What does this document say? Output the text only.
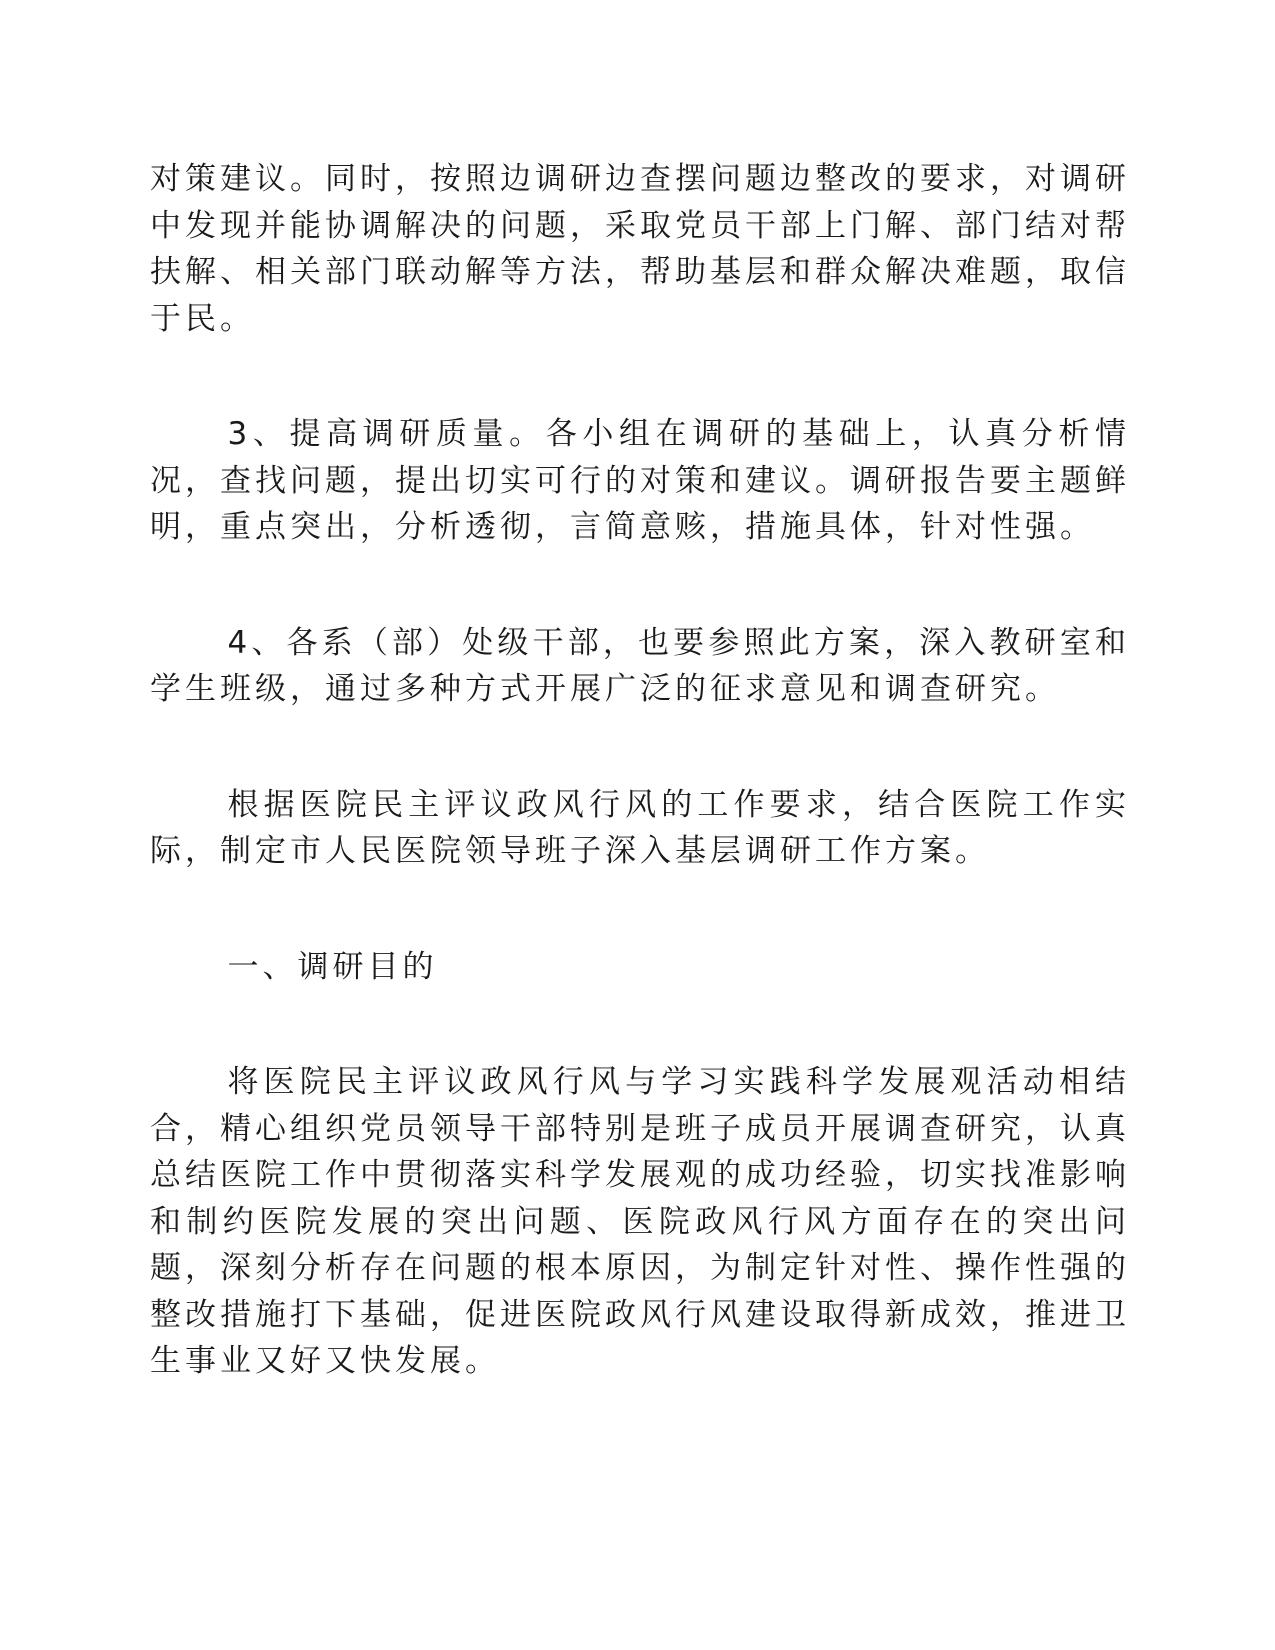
对策建议。同时，按照边调研边查摆问题边整改的要求，对调研中发现并能协调解决的问题，采取党员干部上门解、部门结对帮扶解、相关部门联动解等方法，帮助基层和群众解决难题，取信于民。

3、提高调研质量。各小组在调研的基础上，认真分析情况，查找问题，提出切实可行的对策和建议。调研报告要主题鲜明，重点突出，分析透彻，言简意赅，措施具体，针对性强。

4、各系（部）处级干部，也要参照此方案，深入教研室和学生班级，通过多种方式开展广泛的征求意见和调查研究。

根据医院民主评议政风行风的工作要求，结合医院工作实际，制定市人民医院领导班子深入基层调研工作方案。

一、调研目的

将医院民主评议政风行风与学习实践科学发展观活动相结合，精心组织党员领导干部特别是班子成员开展调查研究，认真总结医院工作中贯彻落实科学发展观的成功经验，切实找准影响和制约医院发展的突出问题、医院政风行风方面存在的突出问题，深刻分析存在问题的根本原因，为制定针对性、操作性强的整改措施打下基础，促进医院政风行风建设取得新成效，推进卫生事业又好又快发展。
